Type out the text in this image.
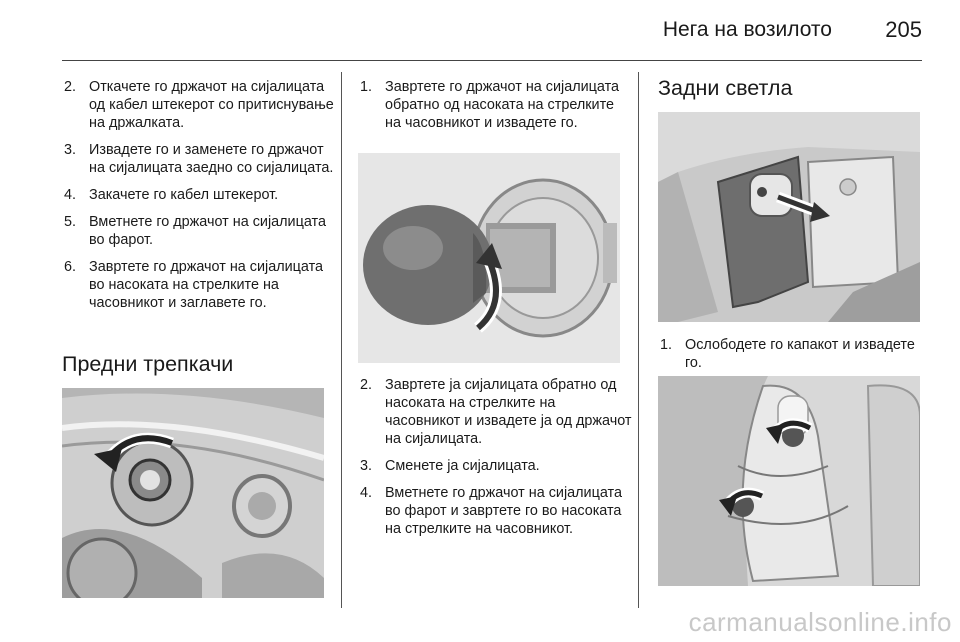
Нега на возилото 205
2. Откачете го држачот на сијалицата од кабел штекерот со притиснување на држалката.
3. Извадете го и заменете го држачот на сијалицата заедно со сијалицата.
4. Закачете го кабел штекерот.
5. Вметнете го држачот на сијалицата во фарот.
6. Завртете го држачот на сијалицата во насоката на стрелките на часовникот и заглавете го.
Предни трепкачи
1. Завртете го држачот на сијалицата обратно од насоката на стрелките на часовникот и извадете го.
2. Завртете ја сијалицата обратно од насоката на стрелките на часовникот и извадете ја од држачот на сијалицата.
3. Сменете ја сијалицата.
4. Вметнете го држачот на сијалицата во фарот и завртете го во насоката на стрелките на часовникот.
Задни светла
1. Ослободете го капакот и извадете го.
carmanualsonline.info
